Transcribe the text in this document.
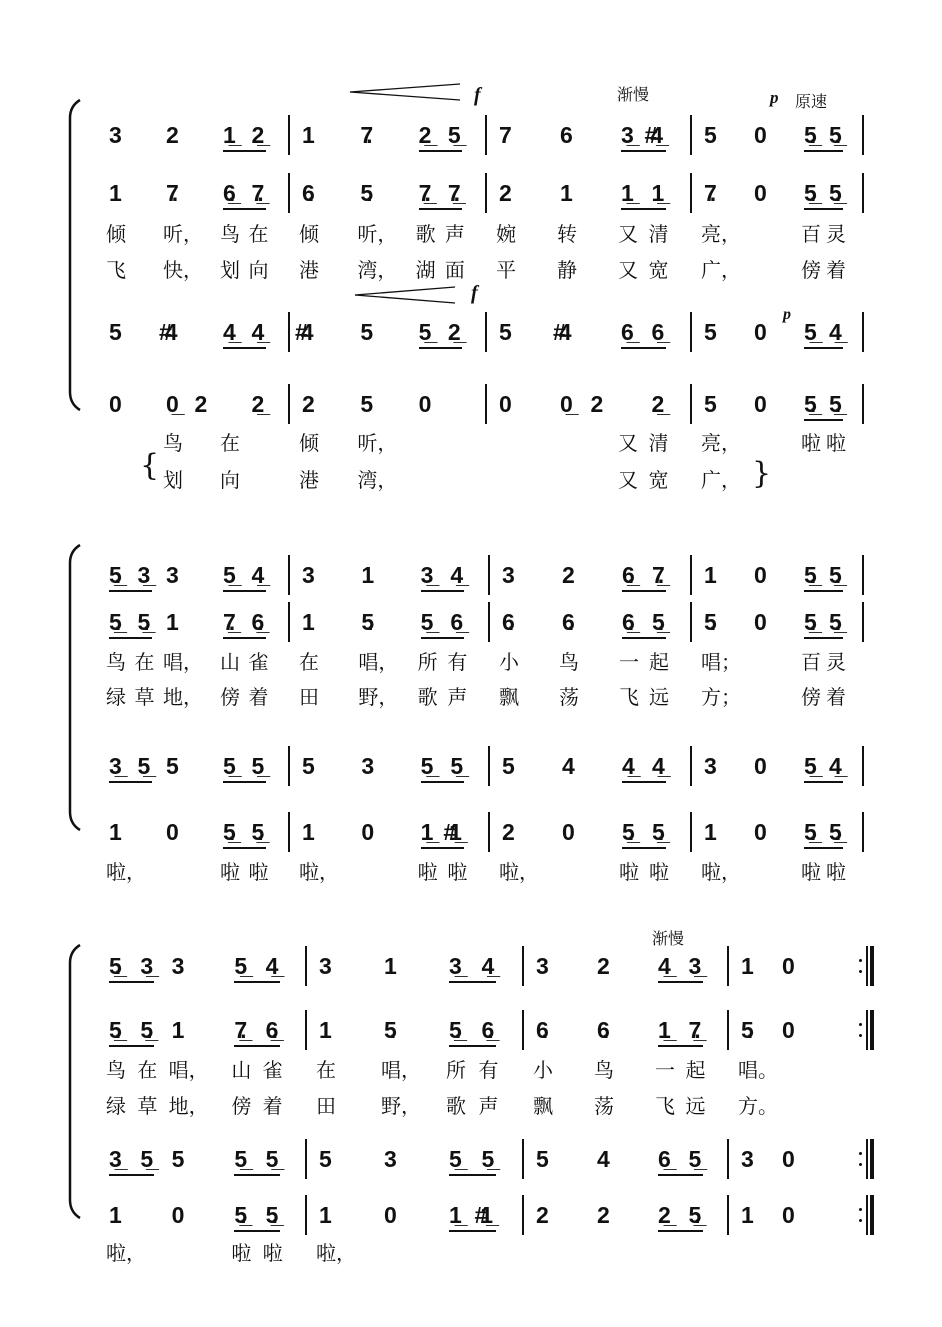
f	渐慢	p 原速
f
p
{	}
渐慢
3 2 1_ 2_ 1 7. 2_ 5_ 7 6 3_ #4_ 5 0 5._ 5._
1 7. 6._ 7._ 6. 5. 7._ 7._ 2 1 1_ 1_ 7. 0 5._ 5._
5 #4 4_ 4_ #4 5 5_ 2_ 5 #4 6_ 6_ 5 0 5_ 4_
0 0_ 2 2_ 2 5 0	0 0_ 2 2_ 5 0 5._ 5._
倾 听， 鸟 在 倾 听， 歌 声 婉 转 又 清 亮，	百 灵
飞 快， 划 向 港 湾， 湖 面 平 静 又 宽 广，	傍 着
鸟 在	倾 听，	又 清 亮，	啦 啦
划 向	港 湾，	又 宽 广，
5._ 3_ 3 5_ 4_ 3 1 3_ 4_ 3 2 6._ 7._ 1 0 5._ 5._
5._ 5._ 1 7._ 6._ 1 5. 5_ 6_ 6. 6. 6._ 5._ 5. 0 5._ 5._
3_ 5_ 5 5_ 5_ 5 3 5_ 5_ 5 4 4_ 4_ 3 0 5_ 4_
1 0 5._ 5._ 1 0 1_ #1_ 2 0 5._ 5._ 1 0 5._ 5._
鸟 在 唱， 山 雀 在 唱， 所 有 小 鸟 一 起 唱；	百 灵
绿 草 地， 傍 着 田 野， 歌 声 飘 荡 飞 远 方；	傍 着
啦，	啦 啦 啦，	啦 啦 啦，	啦 啦 啦，	啦 啦
5._ 3_ 3 5_ 4_ 3	1	3_ 4_ 3 2 4_ 3_ 1 0
5._ 5._ 1 7._ 6._ 1	5.	5._ 6._ 6. 6. 1_ 7._ 5. 0
3_ 5_ 5 5_ 5_ 5	3	5_ 5_ 5 4 6_ 5_ 3 0
1 0 5._ 5._ 1	0	1_ #1_ 2 2 2_ 5._ 1 0
鸟 在 唱， 山 雀 在 唱， 所 有 小 鸟 一 起 唱。
绿 草 地， 傍 着 田 野， 歌 声 飘 荡 飞 远 方。
啦，	啦 啦 啦，
